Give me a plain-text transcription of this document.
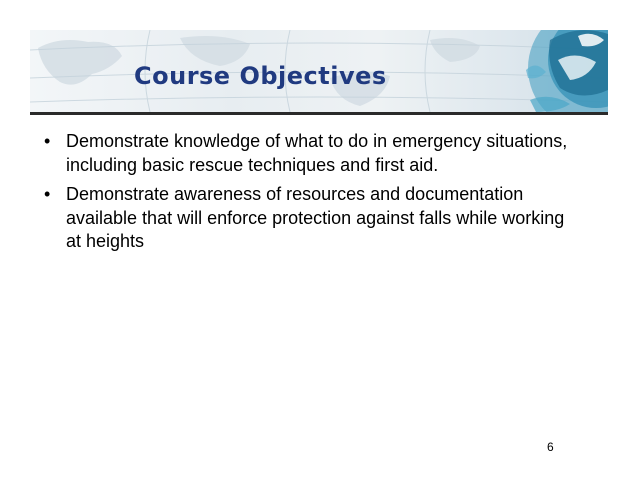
Course Objectives
• Demonstrate knowledge of what to do in emergency situations, including basic rescue techniques and first aid.
• Demonstrate awareness of resources and documentation available that will enforce protection against falls while working at heights
6
